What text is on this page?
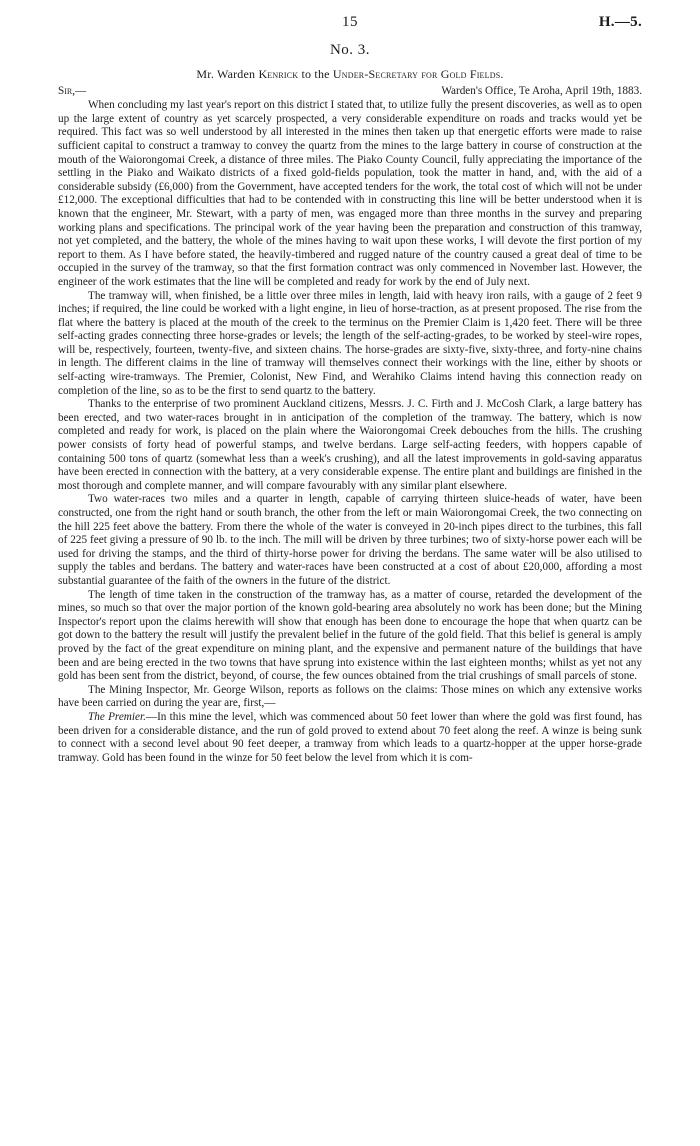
15	H.—5.
No. 3.
Mr. Warden Kenrick to the Under-Secretary for Gold Fields.
Sir,—	Warden's Office, Te Aroha, April 19th, 1883.

When concluding my last year's report on this district I stated that, to utilize fully the present discoveries, as well as to open up the large extent of country as yet scarcely prospected, a very considerable expenditure on roads and tracks would yet be required. This fact was so well understood by all interested in the mines then taken up that energetic efforts were made to raise sufficient capital to construct a tramway to convey the quartz from the mines to the large battery in course of construction at the mouth of the Waiorongomai Creek, a distance of three miles. The Piako County Council, fully appreciating the importance of the settling in the Piako and Waikato districts of a fixed gold-fields population, took the matter in hand, and, with the aid of a considerable subsidy (£6,000) from the Government, have accepted tenders for the work, the total cost of which will not be under £12,000. The exceptional difficulties that had to be contended with in constructing this line will be better understood when it is known that the engineer, Mr. Stewart, with a party of men, was engaged more than three months in the survey and preparing working plans and specifications. The principal work of the year having been the preparation and construction of this tramway, not yet completed, and the battery, the whole of the mines having to wait upon these works, I will devote the first portion of my report to them. As I have before stated, the heavily-timbered and rugged nature of the country caused a great deal of time to be occupied in the survey of the tramway, so that the first formation contract was only commenced in November last. However, the engineer of the work estimates that the line will be completed and ready for work by the end of July next.

The tramway will, when finished, be a little over three miles in length, laid with heavy iron rails, with a gauge of 2 feet 9 inches; if required, the line could be worked with a light engine, in lieu of horse-traction, as at present proposed. The rise from the flat where the battery is placed at the mouth of the creek to the terminus on the Premier Claim is 1,420 feet. There will be three self-acting grades connecting three horse-grades or levels; the length of the self-acting-grades, to be worked by steel-wire ropes, will be, respectively, fourteen, twenty-five, and sixteen chains. The horse-grades are sixty-five, sixty-three, and forty-nine chains in length. The different claims in the line of tramway will themselves connect their workings with the line, either by shoots or self-acting wire-tramways. The Premier, Colonist, New Find, and Werahiko Claims intend having this connection ready on completion of the line, so as to be the first to send quartz to the battery.

Thanks to the enterprise of two prominent Auckland citizens, Messrs. J. C. Firth and J. McCosh Clark, a large battery has been erected, and two water-races brought in in anticipation of the completion of the tramway. The battery, which is now completed and ready for work, is placed on the plain where the Waiorongomai Creek debouches from the hills. The crushing power consists of forty head of powerful stamps, and twelve berdans. Large self-acting feeders, with hoppers capable of containing 500 tons of quartz (somewhat less than a week's crushing), and all the latest improvements in gold-saving apparatus have been erected in connection with the battery, at a very considerable expense. The entire plant and buildings are finished in the most thorough and complete manner, and will compare favourably with any similar plant elsewhere.

Two water-races two miles and a quarter in length, capable of carrying thirteen sluice-heads of water, have been constructed, one from the right hand or south branch, the other from the left or main Waiorongomai Creek, the two connecting on the hill 225 feet above the battery. From there the whole of the water is conveyed in 20-inch pipes direct to the turbines, this fall of 225 feet giving a pressure of 90 lb. to the inch. The mill will be driven by three turbines; two of sixty-horse power each will be used for driving the stamps, and the third of thirty-horse power for driving the berdans. The same water will be also utilised to supply the tables and berdans. The battery and water-races have been constructed at a cost of about £20,000, affording a most substantial guarantee of the faith of the owners in the future of the district.

The length of time taken in the construction of the tramway has, as a matter of course, retarded the development of the mines, so much so that over the major portion of the known gold-bearing area absolutely no work has been done; but the Mining Inspector's report upon the claims herewith will show that enough has been done to encourage the hope that when quartz can be got down to the battery the result will justify the prevalent belief in the future of the gold field. That this belief is general is amply proved by the fact of the great expenditure on mining plant, and the expensive and permanent nature of the buildings that have been and are being erected in the two towns that have sprung into existence within the last eighteen months; whilst as yet not any gold has been sent from the district, beyond, of course, the few ounces obtained from the trial crushings of small parcels of stone.

The Mining Inspector, Mr. George Wilson, reports as follows on the claims: Those mines on which any extensive works have been carried on during the year are, first,—

The Premier.—In this mine the level, which was commenced about 50 feet lower than where the gold was first found, has been driven for a considerable distance, and the run of gold proved to extend about 70 feet along the reef. A winze is being sunk to connect with a second level about 90 feet deeper, a tramway from which leads to a quartz-hopper at the upper horse-grade tramway. Gold has been found in the winze for 50 feet below the level from which it is com-
